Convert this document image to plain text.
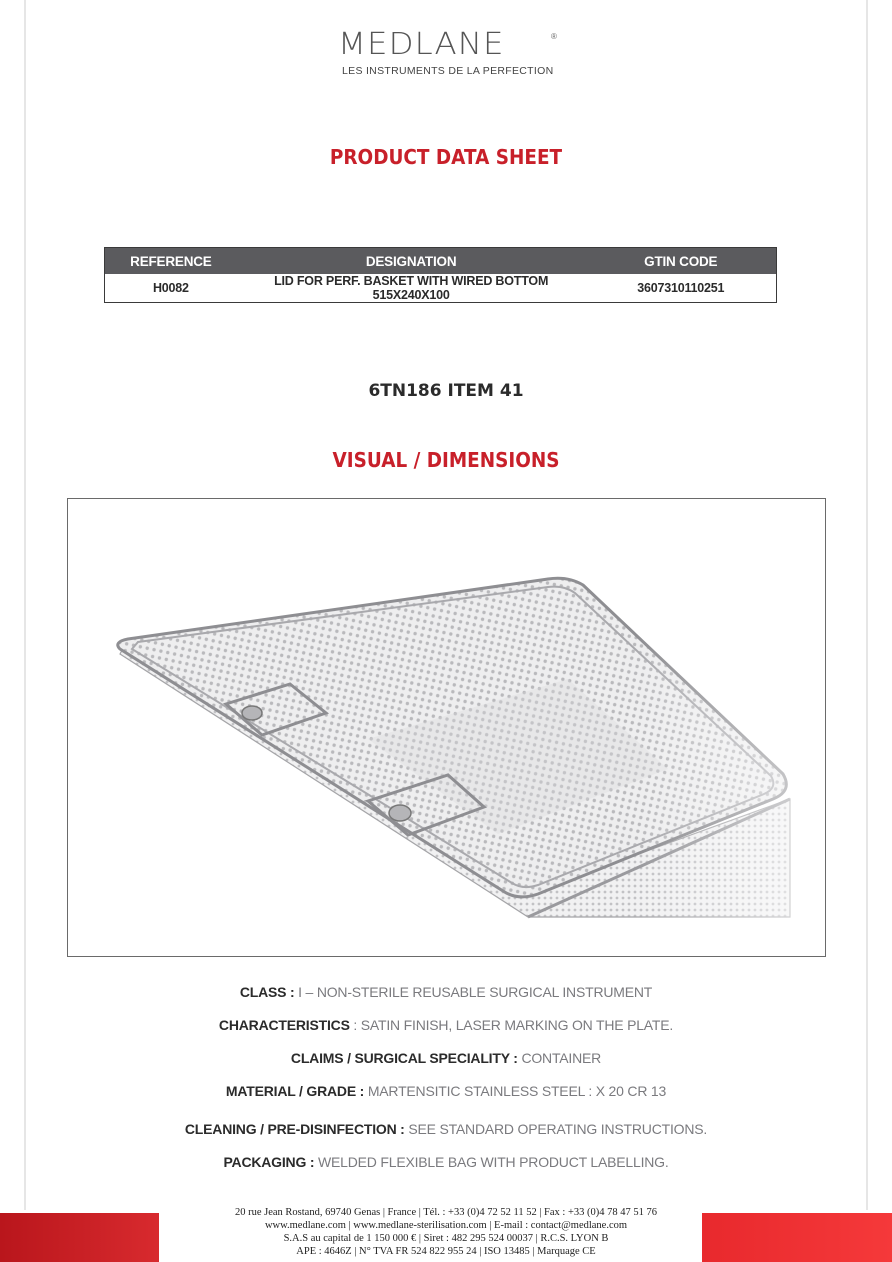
MEDLANE	®
LES INSTRUMENTS DE LA PERFECTION
PRODUCT DATA SHEET
REFERENCE	DESIGNATION	GTIN CODE
H0082	LID FOR PERF. BASKET WITH WIRED BOTTOM 515X240X100	3607310110251
6TN186 ITEM 41
VISUAL / DIMENSIONS
CLASS : I – NON-STERILE REUSABLE SURGICAL INSTRUMENT
CHARACTERISTICS : SATIN FINISH, LASER MARKING ON THE PLATE.
CLAIMS / SURGICAL SPECIALITY : CONTAINER
MATERIAL / GRADE : MARTENSITIC STAINLESS STEEL : X 20 CR 13
CLEANING / PRE-DISINFECTION : SEE STANDARD OPERATING INSTRUCTIONS.
PACKAGING : WELDED FLEXIBLE BAG WITH PRODUCT LABELLING.
20 rue Jean Rostand, 69740 Genas | France | Tél. : +33 (0)4 72 52 11 52 | Fax : +33 (0)4 78 47 51 76
www.medlane.com | www.medlane-sterilisation.com | E-mail : contact@medlane.com
S.A.S au capital de 1 150 000 € | Siret : 482 295 524 00037 | R.C.S. LYON B
APE : 4646Z | N° TVA FR 524 822 955 24 | ISO 13485 | Marquage CE
